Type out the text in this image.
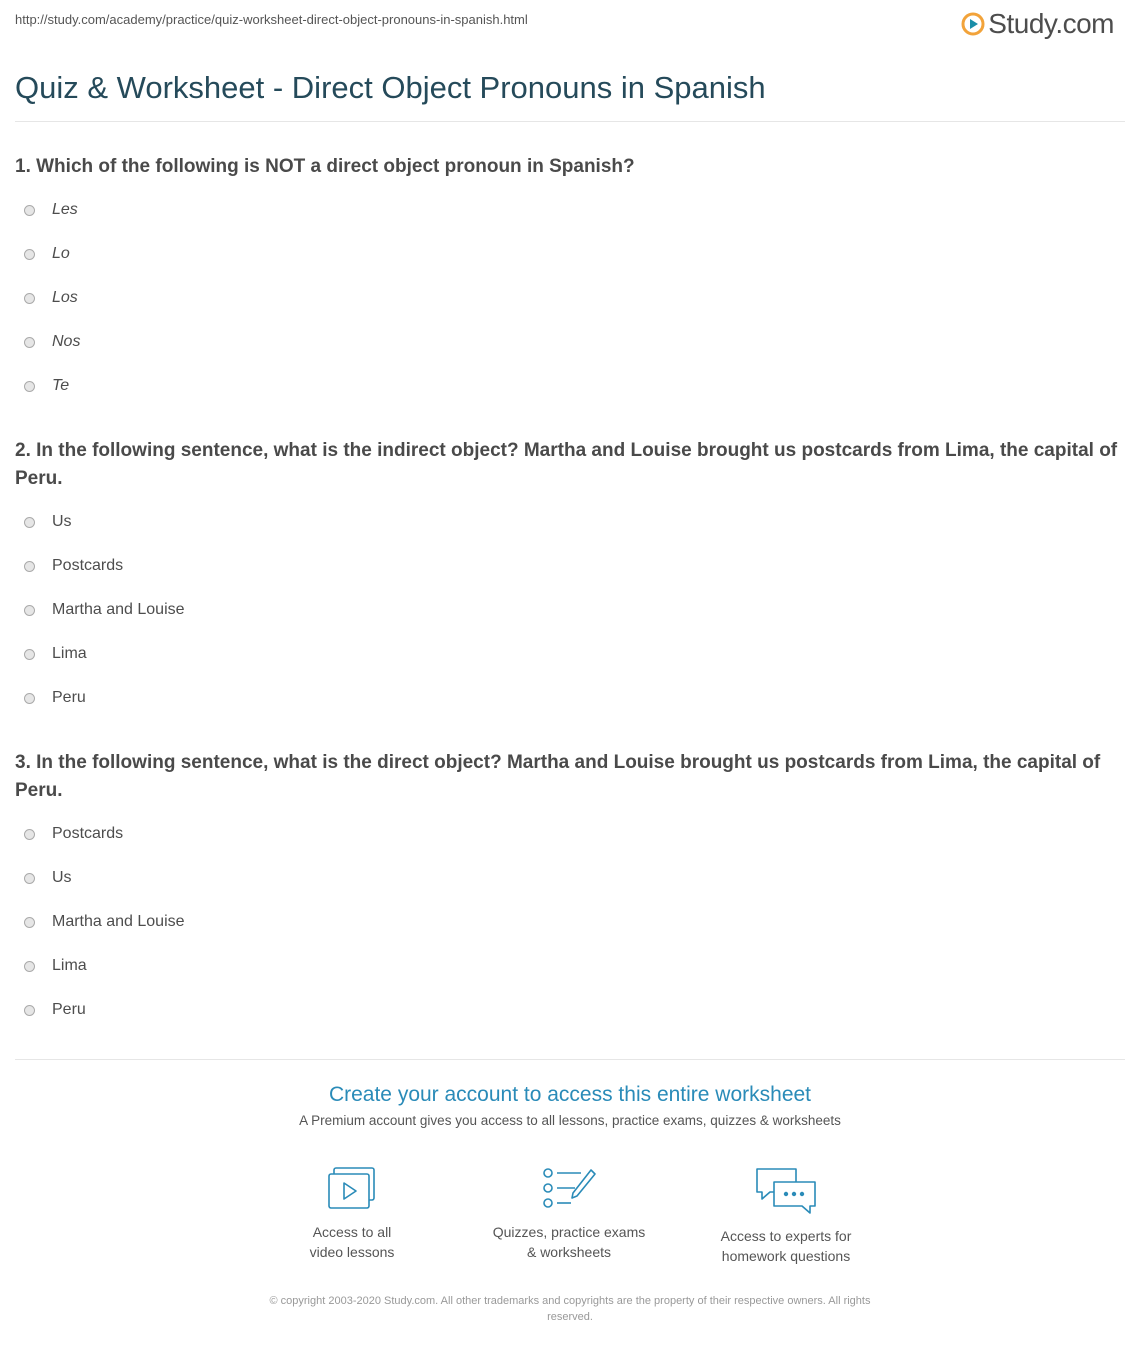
http://study.com/academy/practice/quiz-worksheet-direct-object-pronouns-in-spanish.html	Study.com
Quiz & Worksheet - Direct Object Pronouns in Spanish

1. Which of the following is NOT a direct object pronoun in Spanish?

Les
Lo
Los
Nos
Te

2. In the following sentence, what is the indirect object? Martha and Louise brought us postcards from Lima, the capital of Peru.

Us
Postcards
Martha and Louise
Lima
Peru

3. In the following sentence, what is the direct object? Martha and Louise brought us postcards from Lima, the capital of Peru.

Postcards
Us
Martha and Louise
Lima
Peru
Create your account to access this entire worksheet
A Premium account gives you access to all lessons, practice exams, quizzes & worksheets
Access to all
video lessons
Quizzes, practice exams
& worksheets
Access to experts for
homework questions
© copyright 2003-2020 Study.com. All other trademarks and copyrights are the property of their respective owners. All rights
reserved.
